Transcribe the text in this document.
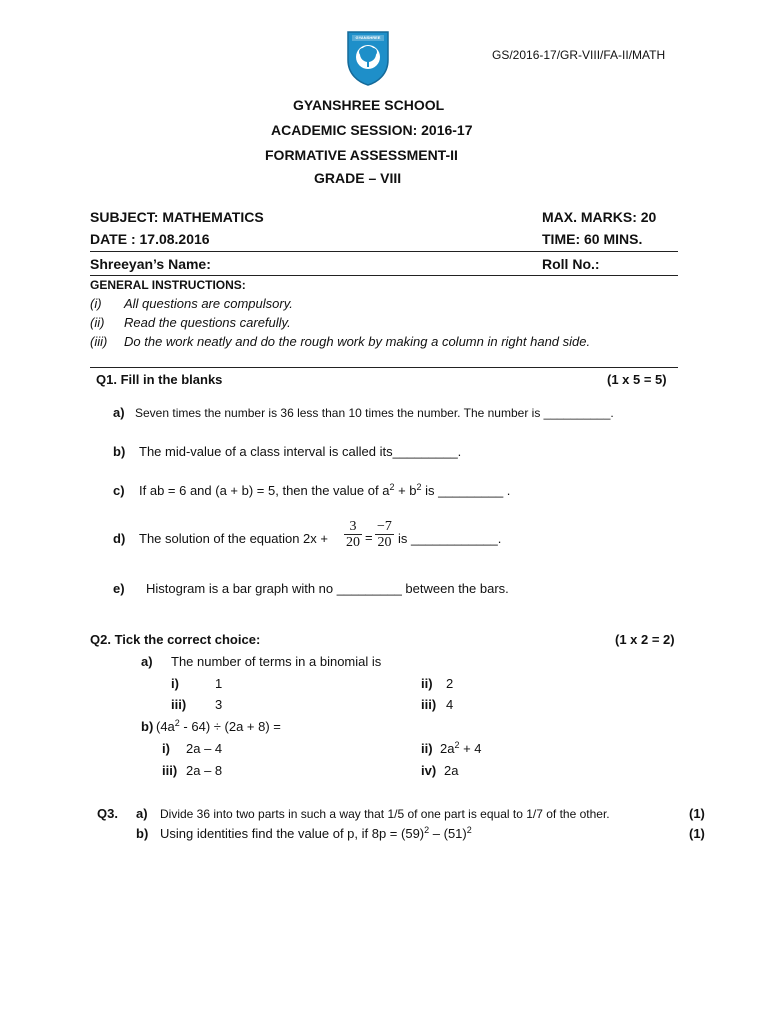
GS/2016-17/GR-VIII/FA-II/MATH
GYANSHREE
GYANSHREE SCHOOL
ACADEMIC SESSION: 2016-17
FORMATIVE ASSESSMENT-II
GRADE – VIII
SUBJECT: MATHEMATICS	MAX. MARKS: 20
DATE : 17.08.2016	TIME: 60 MINS.
Shreeyan’s Name:	Roll No.:
GENERAL INSTRUCTIONS:
(i) All questions are compulsory.
(ii) Read the questions carefully.
(iii) Do the work neatly and do the rough work by making a column in right hand side.
Q1. Fill in the blanks	(1 x 5 = 5)
a) Seven times the number is 36 less than 10 times the number. The number is __________.
b) The mid-value of a class interval is called its_________.
c) If ab = 6 and (a + b) = 5, then the value of $a^2 + b^2$ is _________ .
d) The solution of the equation $2x + \frac{3}{20} = \frac{-7}{20}$ is ____________.
e) Histogram is a bar graph with no _________ between the bars.
Q2. Tick the correct choice:	(1 x 2 = 2)
a) The number of terms in a binomial is
i)	1	ii) 2
iii) 3	iii) 4
b) $(4a^2 - 64) \div (2a + 8)$ =
i) 2a – 4	ii) $2a^2 + 4$
iii) 2a – 8	iv) 2a
Q3. a) Divide 36 into two parts in such a way that 1/5 of one part is equal to 1/7 of the other.	(1)
b) Using identities find the value of p, if $8p = (59)^2 - (51)^2$	(1)
